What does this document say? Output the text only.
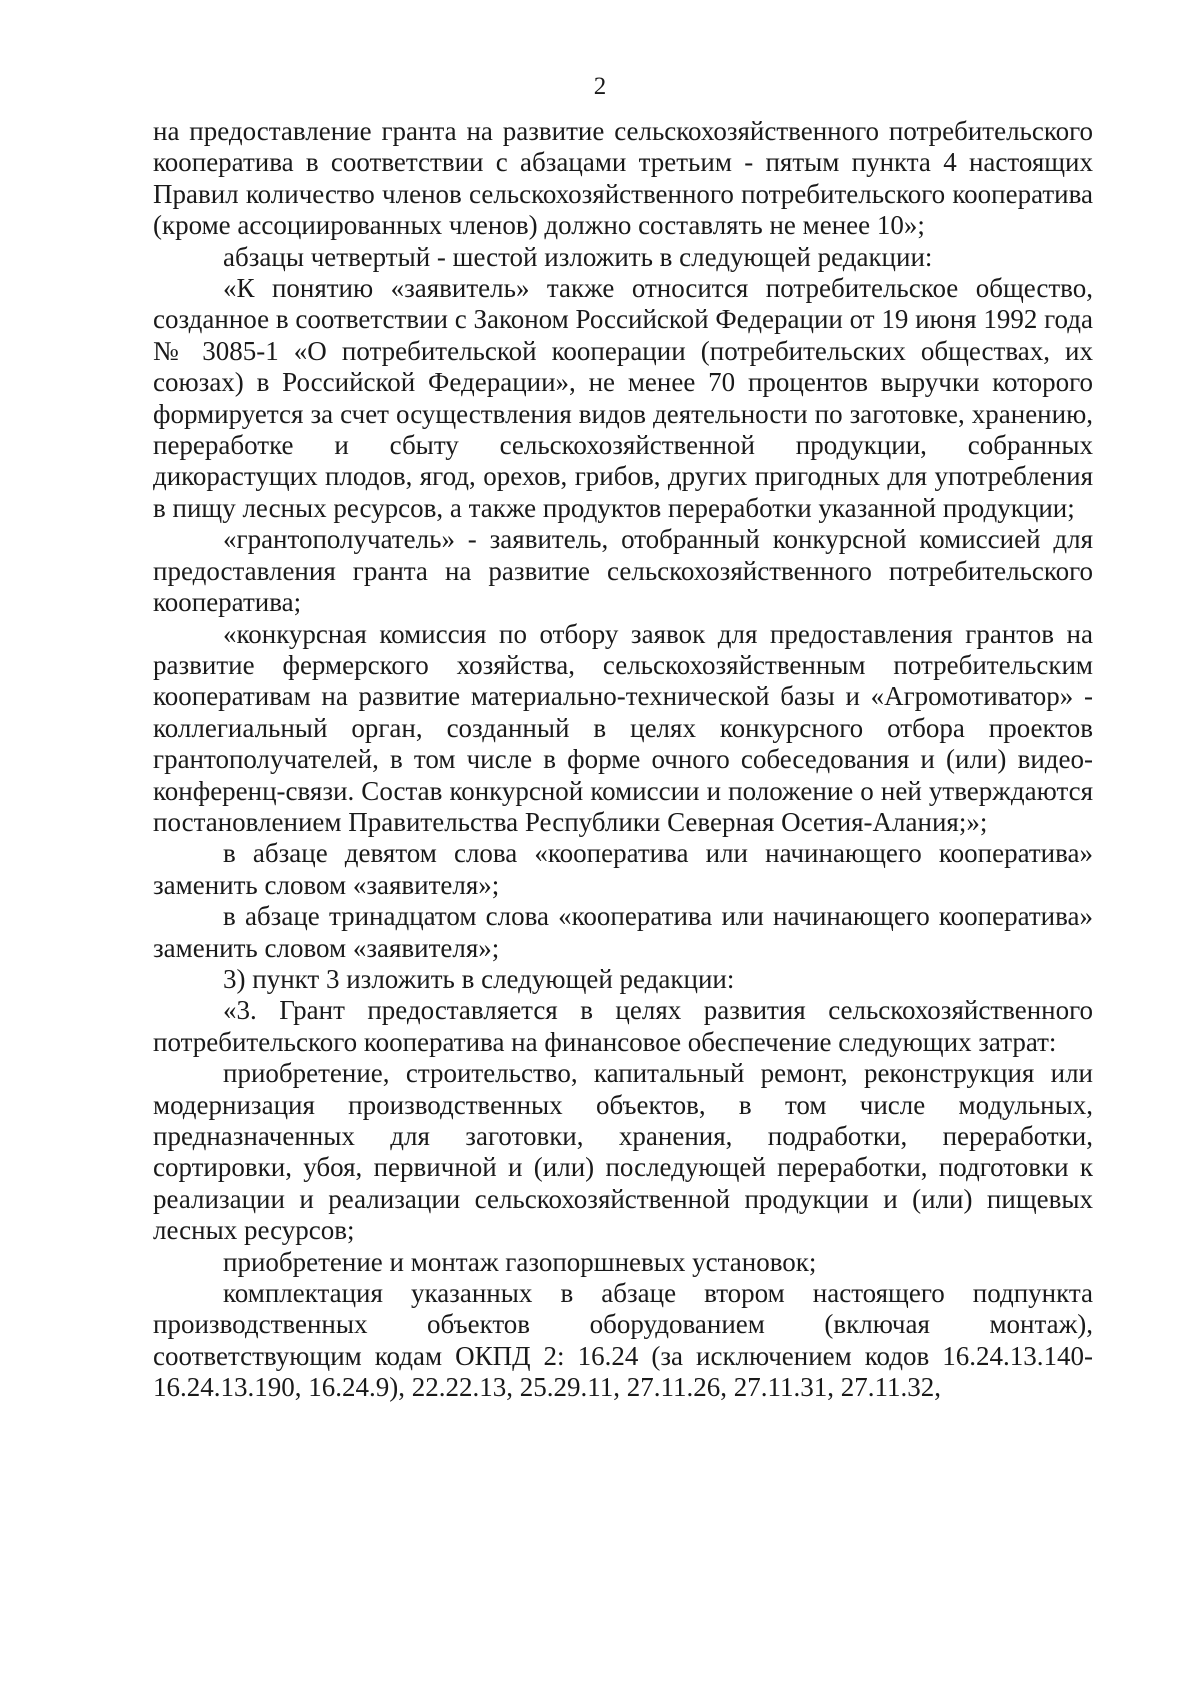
2

на предоставление гранта на развитие сельскохозяйственного потребительского кооператива в соответствии с абзацами третьим - пятым пункта 4 настоящих Правил количество членов сельскохозяйственного потребительского кооператива (кроме ассоциированных членов) должно составлять не менее 10»;

абзацы четвертый - шестой изложить в следующей редакции:

«К понятию «заявитель» также относится потребительское общество, созданное в соответствии с Законом Российской Федерации от 19 июня 1992 года № 3085-1 «О потребительской кооперации (потребительских обществах, их союзах) в Российской Федерации», не менее 70 процентов выручки которого формируется за счет осуществления видов деятельности по заготовке, хранению, переработке и сбыту сельскохозяйственной продукции, собранных дикорастущих плодов, ягод, орехов, грибов, других пригодных для употребления в пищу лесных ресурсов, а также продуктов переработки указанной продукции;

«грантополучатель» - заявитель, отобранный конкурсной комиссией для предоставления гранта на развитие сельскохозяйственного потребительского кооператива;

«конкурсная комиссия по отбору заявок для предоставления грантов на развитие фермерского хозяйства, сельскохозяйственным потребительским кооперативам на развитие материально-технической базы и «Агромотиватор» - коллегиальный орган, созданный в целях конкурсного отбора проектов грантополучателей, в том числе в форме очного собеседования и (или) видео-конференц-связи. Состав конкурсной комиссии и положение о ней утверждаются постановлением Правительства Республики Северная Осетия-Алания;»;

в абзаце девятом слова «кооператива или начинающего кооператива» заменить словом «заявителя»;

в абзаце тринадцатом слова «кооператива или начинающего кооператива» заменить словом «заявителя»;

3) пункт 3 изложить в следующей редакции:

«3. Грант предоставляется в целях развития сельскохозяйственного потребительского кооператива на финансовое обеспечение следующих затрат:

приобретение, строительство, капитальный ремонт, реконструкция или модернизация производственных объектов, в том числе модульных, предназначенных для заготовки, хранения, подработки, переработки, сортировки, убоя, первичной и (или) последующей переработки, подготовки к реализации и реализации сельскохозяйственной продукции и (или) пищевых лесных ресурсов;

приобретение и монтаж газопоршневых установок;

комплектация указанных в абзаце втором настоящего подпункта производственных объектов оборудованием (включая монтаж), соответствующим кодам ОКПД 2: 16.24 (за исключением кодов 16.24.13.140-16.24.13.190, 16.24.9), 22.22.13, 25.29.11, 27.11.26, 27.11.31, 27.11.32,
